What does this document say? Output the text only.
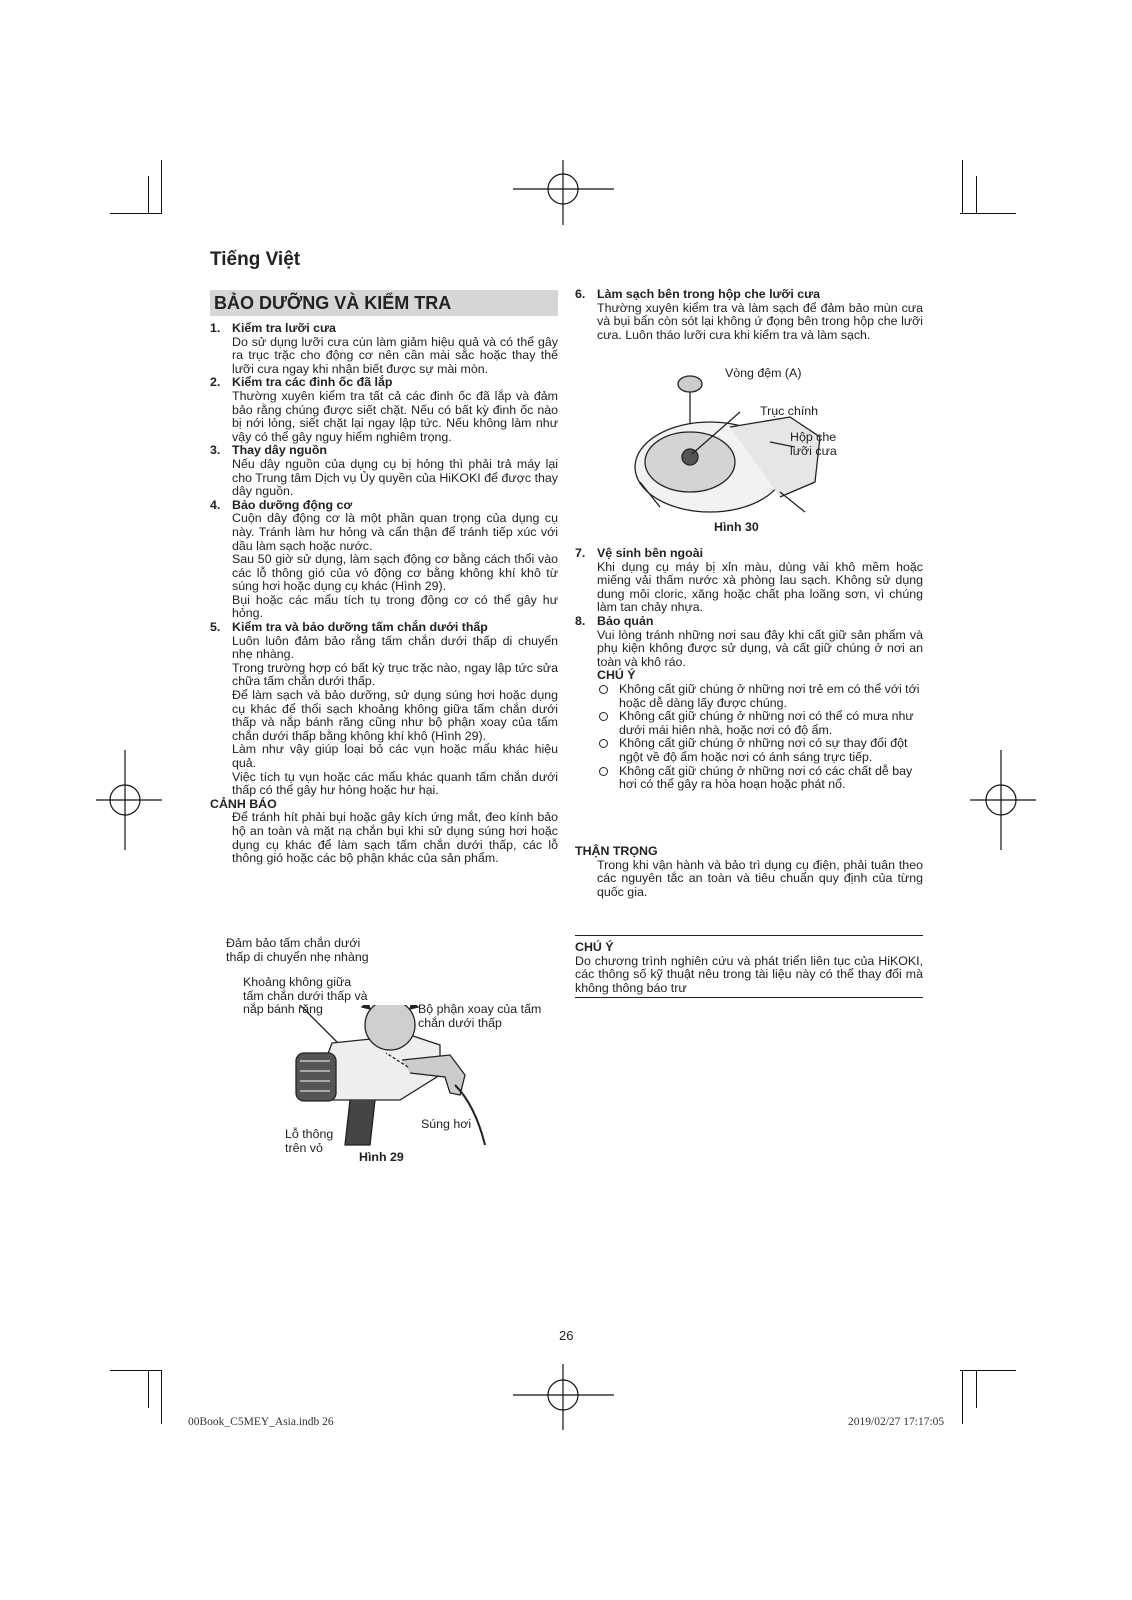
Tiếng Việt
BẢO DƯỠNG VÀ KIỂM TRA
1. Kiểm tra lưỡi cưa

Do sử dụng lưỡi cưa cùn làm giảm hiệu quả và có thể gây ra trục trặc cho động cơ nên cần mài sắc hoặc thay thế lưỡi cưa ngay khi nhận biết được sự mài mòn.

2. Kiểm tra các đinh ốc đã lắp

Thường xuyên kiểm tra tất cả các đinh ốc đã lắp và đảm bảo rằng chúng được siết chặt. Nếu có bất kỳ đinh ốc nào bị nới lỏng, siết chặt lại ngay lập tức. Nếu không làm như vậy có thể gây nguy hiểm nghiêm trọng.

3. Thay dây nguồn

Nếu dây nguồn của dụng cụ bị hỏng thì phải trả máy lại cho Trung tâm Dịch vụ Ủy quyền của HiKOKI để được thay dây nguồn.

4. Bảo dưỡng động cơ

Cuộn dây động cơ là một phần quan trọng của dụng cụ này. Tránh làm hư hỏng và cẩn thận để tránh tiếp xúc với dầu làm sạch hoặc nước.

Sau 50 giờ sử dụng, làm sạch động cơ bằng cách thổi vào các lỗ thông gió của vỏ động cơ bằng không khí khô từ súng hơi hoặc dụng cụ khác (Hình 29).

Bụi hoặc các mẩu tích tụ trong động cơ có thể gây hư hỏng.

5. Kiểm tra và bảo dưỡng tấm chắn dưới thấp

Luôn luôn đảm bảo rằng tấm chắn dưới thấp di chuyển nhẹ nhàng.

Trong trường hợp có bất kỳ trục trặc nào, ngay lập tức sửa chữa tấm chắn dưới thấp.

Để làm sạch và bảo dưỡng, sử dụng súng hơi hoặc dụng cụ khác để thổi sạch khoảng không giữa tấm chắn dưới thấp và nắp bánh răng cũng như bộ phận xoay của tấm chắn dưới thấp bằng không khí khô (Hình 29).

Làm như vậy giúp loại bỏ các vụn hoặc mẩu khác hiệu quả.

Việc tích tụ vụn hoặc các mẩu khác quanh tấm chắn dưới thấp có thể gây hư hỏng hoặc hư hại.

CẢNH BÁO

Để tránh hít phải bụi hoặc gây kích ứng mắt, đeo kính bảo hộ an toàn và mặt nạ chắn bụi khi sử dụng súng hơi hoặc dụng cụ khác để làm sạch tấm chắn dưới thấp, các lỗ thông gió hoặc các bộ phận khác của sản phẩm.

Đảm bảo tấm chắn dưới thấp di chuyển nhẹ nhàng
Khoảng không giữa tấm chắn dưới thấp và nắp bánh răng	Bộ phận xoay của tấm chắn dưới thấp
Lỗ thông trên vỏ
Súng hơi
Hình 29
6. Làm sạch bên trong hộp che lưỡi cưa

Thường xuyên kiểm tra và làm sạch để đảm bảo mùn cưa và bụi bẩn còn sót lại không ứ đọng bên trong hộp che lưỡi cưa. Luôn tháo lưỡi cưa khi kiểm tra và làm sạch.

Vòng đệm (A)
Trục chính
Hộp che lưỡi cưa
Hình 30
7. Vệ sinh bên ngoài

Khi dụng cụ máy bị xỉn màu, dùng vải khô mềm hoặc miếng vải thấm nước xà phòng lau sạch. Không sử dụng dung môi cloric, xăng hoặc chất pha loãng sơn, vì chúng làm tan chảy nhựa.

8. Bảo quản

Vui lòng tránh những nơi sau đây khi cất giữ sản phẩm và phụ kiện không được sử dụng, và cất giữ chúng ở nơi an toàn và khô ráo.

CHÚ Ý
Không cất giữ chúng ở những nơi trẻ em có thể với tới hoặc dễ dàng lấy được chúng.
Không cất giữ chúng ở những nơi có thể có mưa như dưới mái hiên nhà, hoặc nơi có độ ẩm.
Không cất giữ chúng ở những nơi có sự thay đổi đột ngột về độ ẩm hoặc nơi có ánh sáng trực tiếp.
Không cất giữ chúng ở những nơi có các chất dễ bay hơi có thể gây ra hỏa hoạn hoặc phát nổ.
THẬN TRỌNG

Trong khi vận hành và bảo trì dụng cụ điện, phải tuân theo các nguyên tắc an toàn và tiêu chuẩn quy định của từng quốc gia.

CHÚ Ý

Do chương trình nghiên cứu và phát triển liên tục của HiKOKI, các thông số kỹ thuật nêu trong tài liệu này có thể thay đổi mà không thông báo trư

26
00Book_C5MEY_Asia.indb 26	2019/02/27 17:17:05
